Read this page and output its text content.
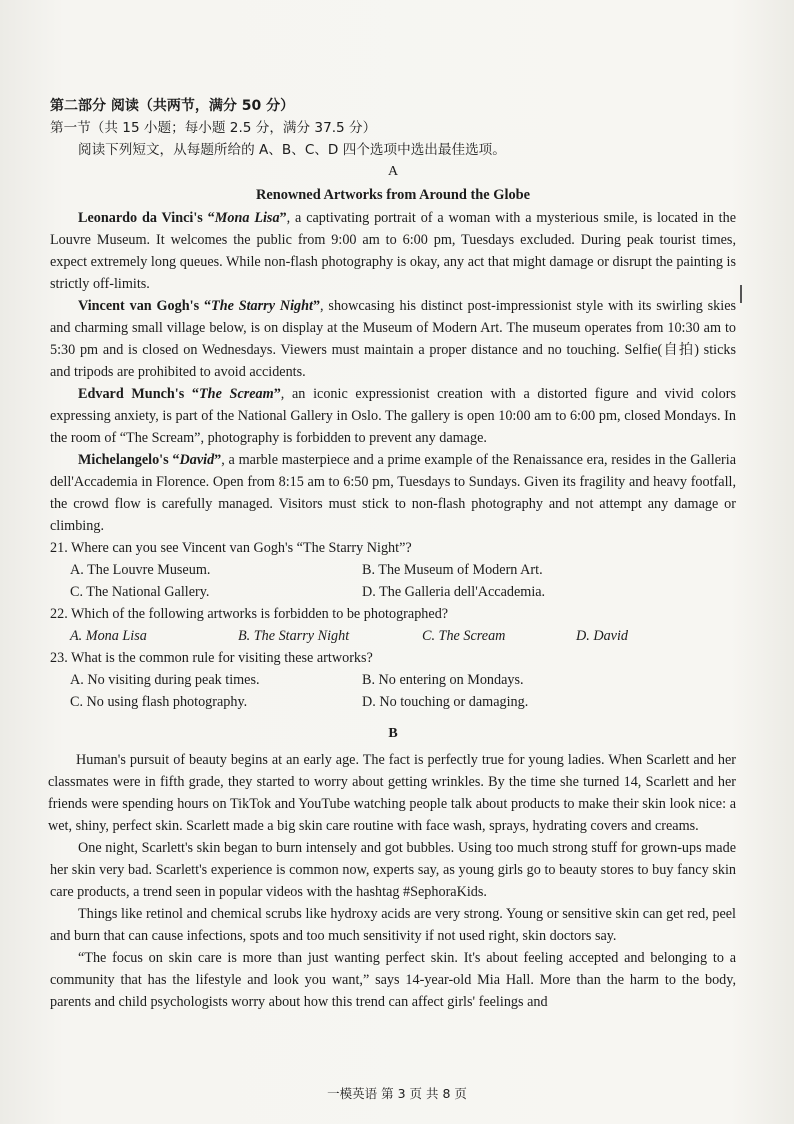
第二部分 阅读（共两节，满分 50 分）
第一节（共 15 小题；每小题 2.5 分，满分 37.5 分）
阅读下列短文，从每题所给的 A、B、C、D 四个选项中选出最佳选项。
A
Renowned Artworks from Around the Globe

Leonardo da Vinci's “Mona Lisa”, a captivating portrait of a woman with a mysterious smile, is located in the Louvre Museum. It welcomes the public from 9:00 am to 6:00 pm, Tuesdays excluded. During peak tourist times, expect extremely long queues. While non-flash photography is okay, any act that might damage or disrupt the painting is strictly off-limits.

Vincent van Gogh's “The Starry Night”, showcasing his distinct post-impressionist style with its swirling skies and charming small village below, is on display at the Museum of Modern Art. The museum operates from 10:30 am to 5:30 pm and is closed on Wednesdays. Viewers must maintain a proper distance and no touching. Selfie(自拍) sticks and tripods are prohibited to avoid accidents.

Edvard Munch's “The Scream”, an iconic expressionist creation with a distorted figure and vivid colors expressing anxiety, is part of the National Gallery in Oslo. The gallery is open 10:00 am to 6:00 pm, closed Mondays. In the room of “The Scream”, photography is forbidden to prevent any damage.

Michelangelo's “David”, a marble masterpiece and a prime example of the Renaissance era, resides in the Galleria dell'Accademia in Florence. Open from 8:15 am to 6:50 pm, Tuesdays to Sundays. Given its fragility and heavy footfall, the crowd flow is carefully managed. Visitors must stick to non-flash photography and not attempt any damage or climbing.

21. Where can you see Vincent van Gogh's “The Starry Night”?
A. The Louvre Museum.	B. The Museum of Modern Art.
C. The National Gallery.	D. The Galleria dell'Accademia.
22. Which of the following artworks is forbidden to be photographed?
A. Mona Lisa	B. The Starry Night	C. The Scream	D. David
23. What is the common rule for visiting these artworks?
A. No visiting during peak times.	B. No entering on Mondays.
C. No using flash photography.	D. No touching or damaging.
B

Human's pursuit of beauty begins at an early age. The fact is perfectly true for young ladies. When Scarlett and her classmates were in fifth grade, they started to worry about getting wrinkles. By the time she turned 14, Scarlett and her friends were spending hours on TikTok and YouTube watching people talk about products to make their skin look nice: a wet, shiny, perfect skin. Scarlett made a big skin care routine with face wash, sprays, hydrating covers and creams.

One night, Scarlett's skin began to burn intensely and got bubbles. Using too much strong stuff for grown-ups made her skin very bad. Scarlett's experience is common now, experts say, as young girls go to beauty stores to buy fancy skin care products, a trend seen in popular videos with the hashtag #SephoraKids.

Things like retinol and chemical scrubs like hydroxy acids are very strong. Young or sensitive skin can get red, peel and burn that can cause infections, spots and too much sensitivity if not used right, skin doctors say.

“The focus on skin care is more than just wanting perfect skin. It's about feeling accepted and belonging to a community that has the lifestyle and look you want,” says 14-year-old Mia Hall. More than the harm to the body, parents and child psychologists worry about how this trend can affect girls' feelings and

一模英语 第 3 页 共 8 页
